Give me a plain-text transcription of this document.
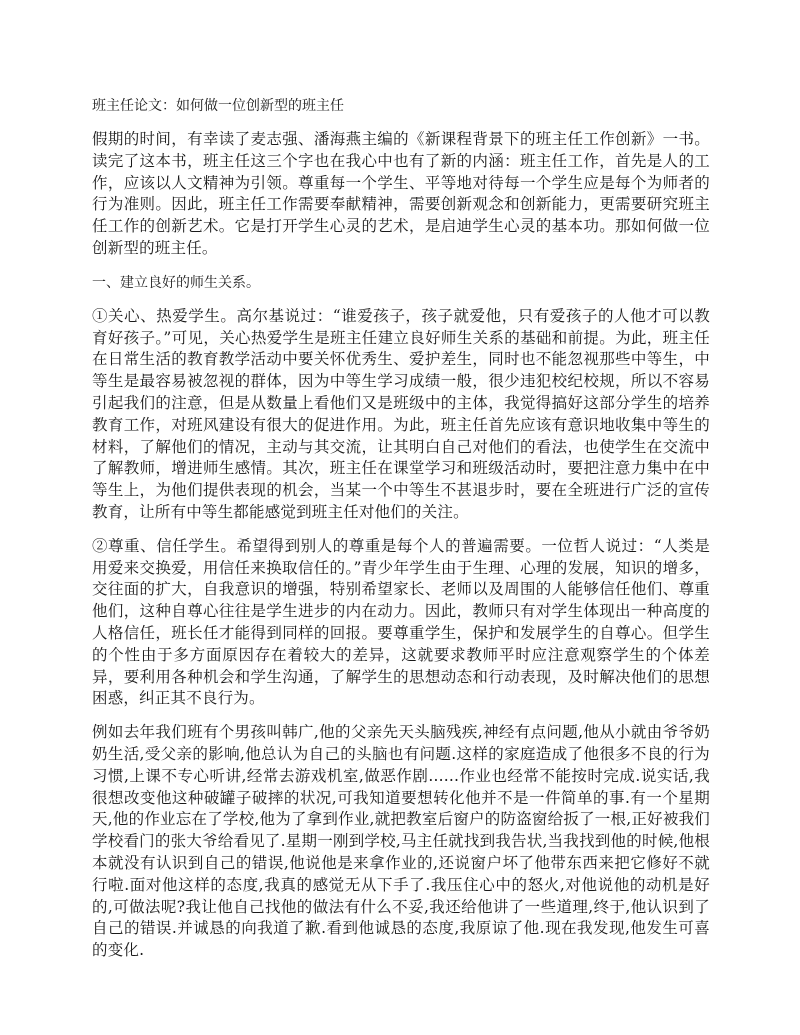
班主任论文：如何做一位创新型的班主任

假期的时间，有幸读了麦志强、潘海燕主编的《新课程背景下的班主任工作创新》一书。读完了这本书，班主任这三个字也在我心中也有了新的内涵：班主任工作，首先是人的工作，应该以人文精神为引领。尊重每一个学生、平等地对待每一个学生应是每个为师者的行为准则。因此，班主任工作需要奉献精神，需要创新观念和创新能力，更需要研究班主任工作的创新艺术。它是打开学生心灵的艺术，是启迪学生心灵的基本功。那如何做一位创新型的班主任。

一、建立良好的师生关系。

①关心、热爱学生。高尔基说过：“谁爱孩子，孩子就爱他，只有爱孩子的人他才可以教育好孩子。”可见，关心热爱学生是班主任建立良好师生关系的基础和前提。为此，班主任在日常生活的教育教学活动中要关怀优秀生、爱护差生，同时也不能忽视那些中等生，中等生是最容易被忽视的群体，因为中等生学习成绩一般，很少违犯校纪校规，所以不容易引起我们的注意，但是从数量上看他们又是班级中的主体，我觉得搞好这部分学生的培养教育工作，对班风建设有很大的促进作用。为此，班主任首先应该有意识地收集中等生的材料，了解他们的情况，主动与其交流，让其明白自己对他们的看法，也使学生在交流中了解教师，增进师生感情。其次，班主任在课堂学习和班级活动时，要把注意力集中在中等生上，为他们提供表现的机会，当某一个中等生不甚退步时，要在全班进行广泛的宣传教育，让所有中等生都能感觉到班主任对他们的关注。

②尊重、信任学生。希望得到别人的尊重是每个人的普遍需要。一位哲人说过：“人类是用爱来交换爱，用信任来换取信任的。”青少年学生由于生理、心理的发展，知识的增多，交往面的扩大，自我意识的增强，特别希望家长、老师以及周围的人能够信任他们、尊重他们，这种自尊心往往是学生进步的内在动力。因此，教师只有对学生体现出一种高度的人格信任，班长任才能得到同样的回报。要尊重学生，保护和发展学生的自尊心。但学生的个性由于多方面原因存在着较大的差异，这就要求教师平时应注意观察学生的个体差异，要利用各种机会和学生沟通，了解学生的思想动态和行动表现，及时解决他们的思想困惑，纠正其不良行为。

例如去年我们班有个男孩叫韩广,他的父亲先天头脑残疾,神经有点问题,他从小就由爷爷奶奶生活,受父亲的影响,他总认为自己的头脑也有问题.这样的家庭造成了他很多不良的行为习惯,上课不专心听讲,经常去游戏机室,做恶作剧......作业也经常不能按时完成.说实话,我很想改变他这种破罐子破摔的状况,可我知道要想转化他并不是一件简单的事.有一个星期天,他的作业忘在了学校,他为了拿到作业,就把教室后窗户的防盗窗给扳了一根,正好被我们学校看门的张大爷给看见了.星期一刚到学校,马主任就找到我告状,当我找到他的时候,他根本就没有认识到自己的错误,他说他是来拿作业的,还说窗户坏了他带东西来把它修好不就行啦.面对他这样的态度,我真的感觉无从下手了.我压住心中的怒火,对他说他的动机是好的,可做法呢?我让他自己找他的做法有什么不妥,我还给他讲了一些道理,终于,他认识到了自己的错误.并诚恳的向我道了歉.看到他诚恳的态度,我原谅了他.现在我发现,他发生可喜的变化.
